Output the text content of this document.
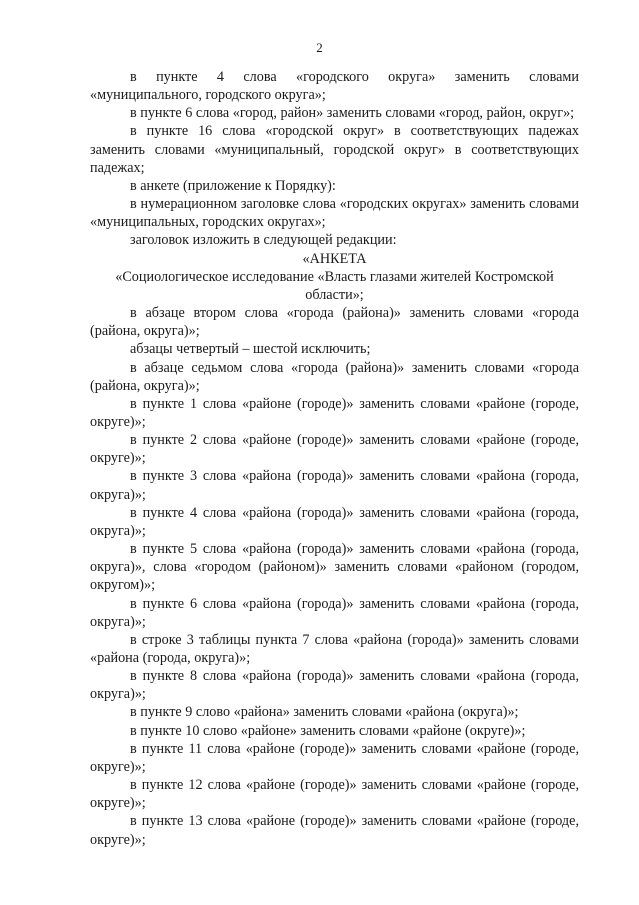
2

в пункте 4 слова «городского округа» заменить словами «муниципального, городского округа»;

в пункте 6 слова «город, район» заменить словами «город, район, округ»;

в пункте 16 слова «городской округ» в соответствующих падежах заменить словами «муниципальный, городской округ» в соответствующих падежах;

в анкете (приложение к Порядку):

в нумерационном заголовке слова «городских округах» заменить словами «муниципальных, городских округах»;

заголовок изложить в следующей редакции:

«АНКЕТА

«Социологическое исследование «Власть глазами жителей Костромской области»;

в абзаце втором слова «города (района)» заменить словами «города (района, округа)»;

абзацы четвертый – шестой исключить;

в абзаце седьмом слова «города (района)» заменить словами «города (района, округа)»;

в пункте 1 слова «районе (городе)» заменить словами «районе (городе, округе)»;

в пункте 2 слова «районе (городе)» заменить словами «районе (городе, округе)»;

в пункте 3 слова «района (города)» заменить словами «района (города, округа)»;

в пункте 4 слова «района (города)» заменить словами «района (города, округа)»;

в пункте 5 слова «района (города)» заменить словами «района (города, округа)», слова «городом (районом)» заменить словами «районом (городом, округом)»;

в пункте 6 слова «района (города)» заменить словами «района (города, округа)»;

в строке 3 таблицы пункта 7 слова «района (города)» заменить словами «района (города, округа)»;

в пункте 8 слова «района (города)» заменить словами «района (города, округа)»;

в пункте 9 слово «района» заменить словами «района (округа)»;

в пункте 10 слово «районе» заменить словами «районе (округе)»;

в пункте 11 слова «районе (городе)» заменить словами «районе (городе, округе)»;

в пункте 12 слова «районе (городе)» заменить словами «районе (городе, округе)»;

в пункте 13 слова «районе (городе)» заменить словами «районе (городе, округе)»;
